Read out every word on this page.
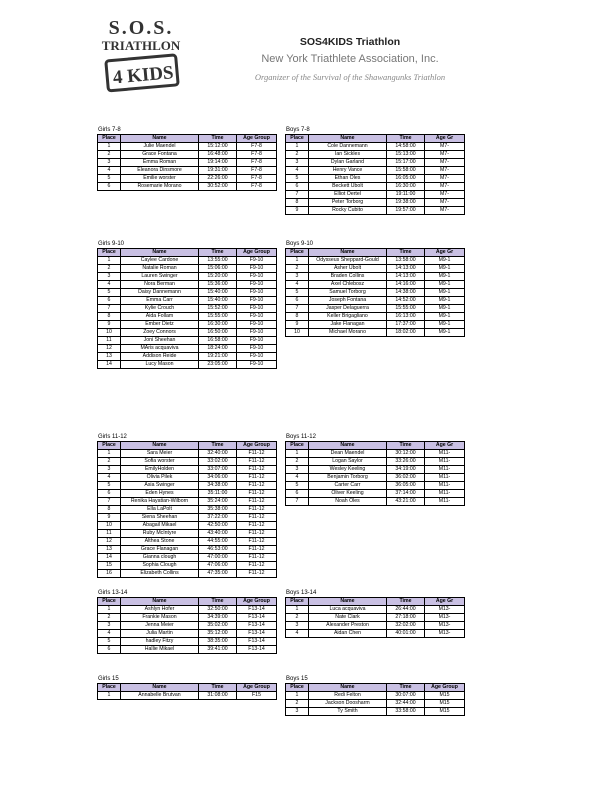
S.O.S.
TRIATHLON
4 KIDS
SOS4KIDS Triathlon
New York Triathlete Association, Inc.
Organizer of the Survival of the Shawangunks Triathlon
Girls 7-8
Place	Name	Time	Age Group
1	Julie Maendel	15:12:00	F7-8
2	Grace Fontana	16:48:00	F7-8
3	Emma Roman	19:14:00	F7-8
4	Eleanora Dinsmore	19:31:00	F7-8
5	Emilie worster	22:26:00	F7-8
6	Rosemarie Morano	30:52:00	F7-8
Boys 7-8
Place	Name	Time	Age Gr
1	Cole Dannemann	14:58:00	M7-
2	Ian Sickles	15:13:00	M7-
3	Dylan Garland	15:17:00	M7-
4	Henry Vance	15:58:00	M7-
5	Ethan Oles	16:05:00	M7-
6	Beckett Ubolt	16:30:00	M7-
7	Elliot Oertel	19:11:00	M7-
8	Peter Torborg	19:38:00	M7-
9	Rocky Cubito	19:57:00	M7-
Girls 9-10
Place	Name	Time	Age Group
1	Caylee Cardone	13:55:00	F9-10
2	Natalie Roman	15:06:00	F9-10
3	Lauren Swinger	15:20:00	F9-10
4	Nora Berman	15:36:00	F9-10
5	Daisy Dannemann	15:40:00	F9-10
6	Emma Carr	15:40:00	F9-10
7	Kylie Crouch	15:52:00	F9-10
8	Aida Follam	15:55:00	F9-10
9	Ember Dietz	16:30:00	F9-10
10	Zoey Connors	16:50:00	F9-10
11	Joni Sheehan	16:58:00	F9-10
12	MAris acquaviva	18:24:00	F9-10
13	Addison Reide	19:21:00	F9-10
14	Lucy Mason	23:05:00	F9-10
Boys 9-10
Place	Name	Time	Age Gr
1	Odysseus Sheppard-Gould	13:58:00	M9-1
2	Asher Ubolt	14:13:00	M9-1
3	Braden Collins	14:13:00	M9-1
4	Axel Chlebosz	14:16:00	M9-1
5	Samuel Torborg	14:38:00	M9-1
6	Joseph Fontana	14:52:00	M9-1
7	Jasper Delaguerra	15:55:00	M9-1
8	Keller Brigagliano	16:13:00	M9-1
9	Jake Flanagan	17:37:00	M9-1
10	Michael Morano	18:02:00	M9-1
Girls 11-12
Place	Name	Time	Age Group
1	Sara Meier	32:40:00	F11-12
2	Sofia worster	33:02:00	F11-12
3	EmilyHolden	33:07:00	F11-12
4	Olivia Pilek	34:06:00	F11-12
5	Asia Swinger	34:38:00	F11-12
6	Eden Hynes	35:11:00	F11-12
7	Renika Hayatian-Wilborn	35:24:00	F11-12
8	Ella LaPolt	35:38:00	F11-12
9	Siena Sheehan	37:22:00	F11-12
10	Abagail Mikael	42:50:00	F11-12
11	Ruby McIntyre	43:40:00	F11-12
12	Althea Stone	44:55:00	F11-12
13	Grace Flanagan	46:53:00	F11-12
14	Gianna clough	47:00:00	F11-12
15	Sophia Clough	47:06:00	F11-12
16	Elizabeth Collins	47:35:00	F11-12
Boys 11-12
Place	Name	Time	Age Gr
1	Dean Maendel	30:12:00	M11-
2	Logan Saylor	33:26:00	M11-
3	Wesley Keeling	34:19:00	M11-
4	Benjamin Torborg	36:02:00	M11-
5	Carter Carr	36:05:00	M11-
6	Oliver Keeling	37:14:00	M11-
7	Noah Oles	43:21:00	M11-
Girls 13-14
Place	Name	Time	Age Group
1	Ashlyn Hofer	32:50:00	F13-14
2	Frankie Mason	34:39:00	F13-14
3	Jenna Meier	35:02:00	F13-14
4	Julia Martin	35:12:00	F13-14
5	hadley Fitzy	38:35:00	F13-14
6	Hallie Mikael	39:41:00	F13-14
Boys 13-14
Place	Name	Time	Age Gr
1	Luca acquaviva	26:44:00	M13-
2	Nate Clark	27:18:00	M13-
3	Alexander Preston	32:02:00	M13-
4	Aidan Chen	40:01:00	M13-
Girls 15
Place	Name	Time	Age Group
1	Annabelle Brutvan	31:08:00	F15
Boys 15
Place	Name	Time	Age Group
1	Redi Felton	30:07:00	M15
2	Jackson Doosharm	32:44:00	M15
3	Ty Smith	33:58:00	M15
